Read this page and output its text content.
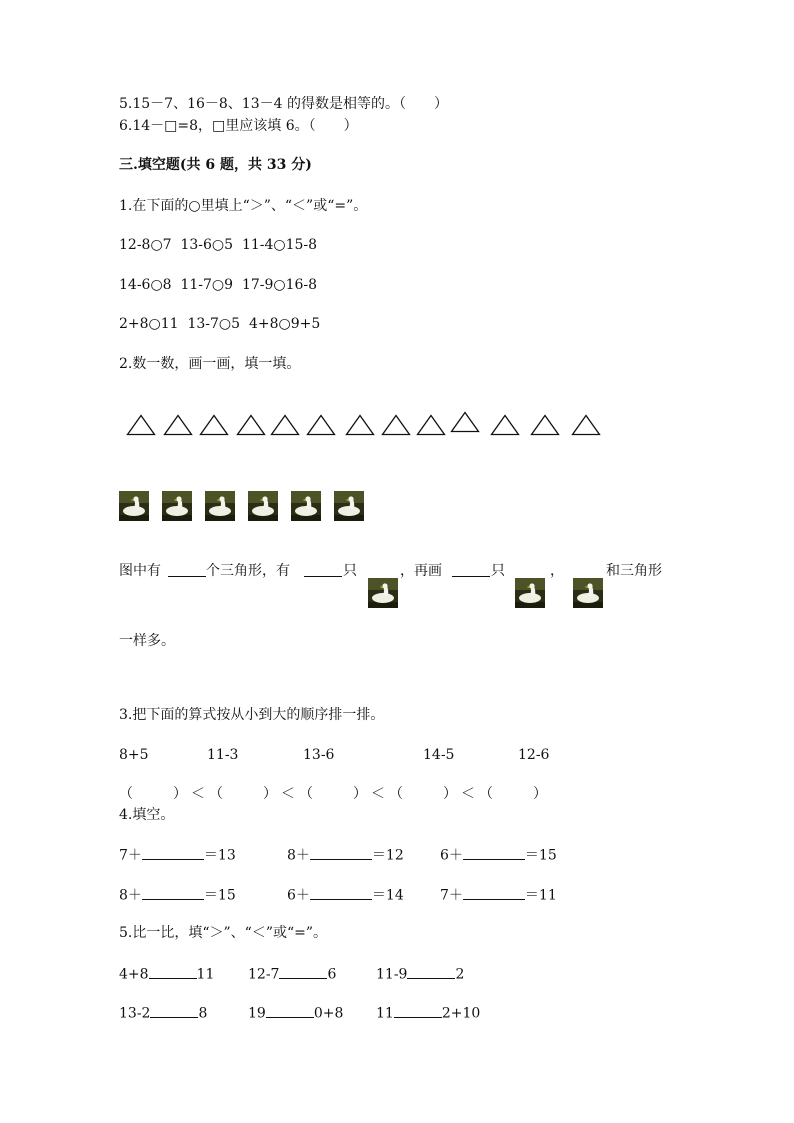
5.15－7、16－8、13－4 的得数是相等的。（　　）
6.14－□=8，□里应该填 6。（　　）
三.填空题(共 6 题，共 33 分)
1.在下面的○里填上“＞”、“＜”或“=”。
12-8○7  13-6○5  11-4○15-8
14-6○8  11-7○9  17-9○16-8
2+8○11  13-7○5  4+8○9+5
2.数一数，画一画，填一填。
图中有	个三角形，有	只	，再画	只	，	和三角形
一样多。
3.把下面的算式按从小到大的顺序排一排。
8+5	11-3	13-6	14-5	12-6
（　　）＜（　　）＜（　　）＜（　　）＜（　　）
4.填空。
7＋	＝13	8＋	＝12	6＋	＝15
8＋	＝15	6＋	＝14	7＋	＝11
5.比一比，填“＞”、“＜”或“=”。
4+8	11 12-7	6	11-9	2
13-2	8	19	0+8 11	2+10
